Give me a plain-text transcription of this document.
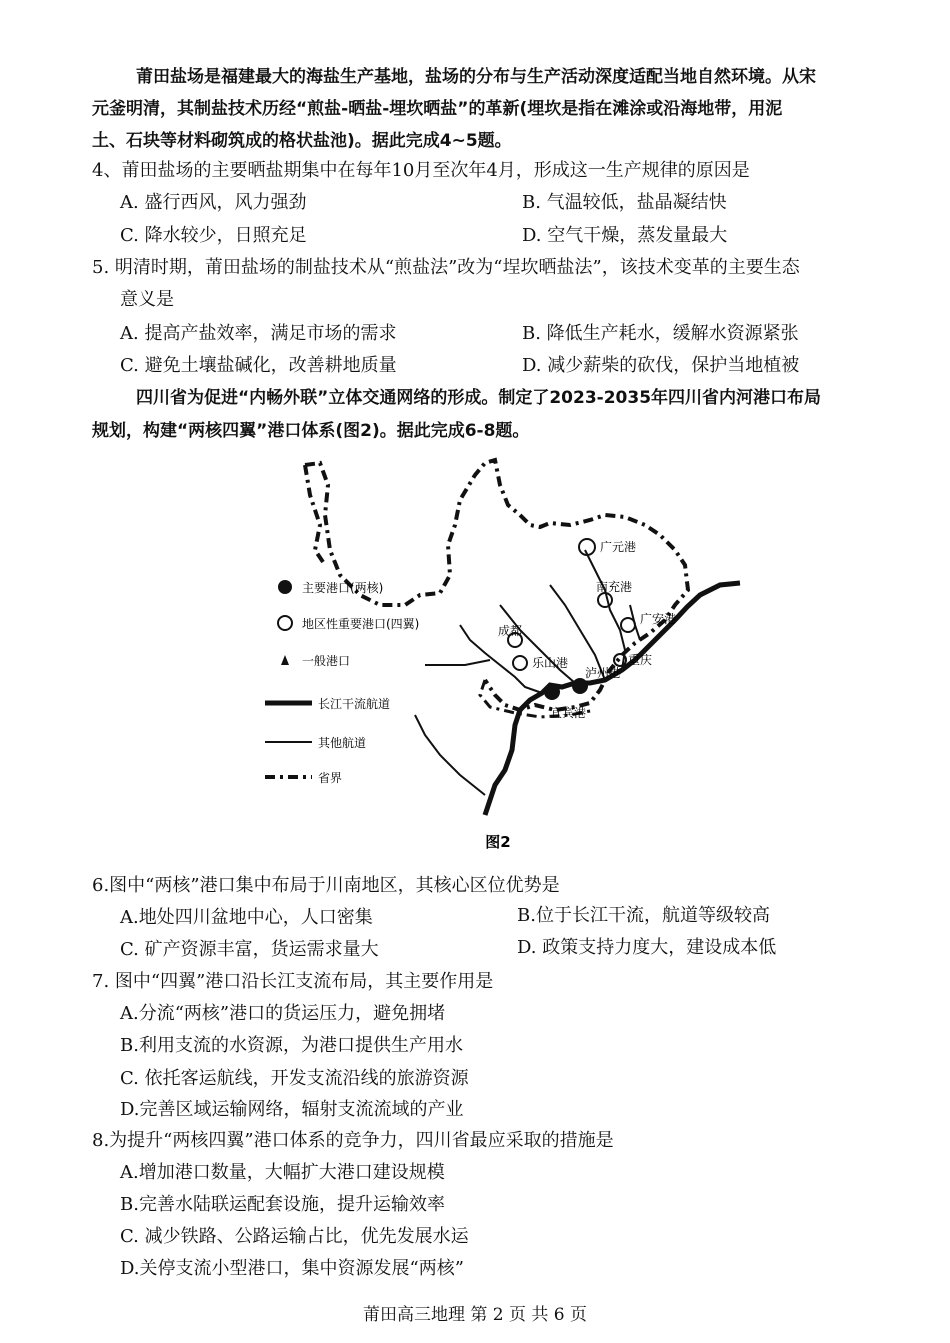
莆田盐场是福建最大的海盐生产基地，盐场的分布与生产活动深度适配当地自然环境。从宋
元釜明清，其制盐技术历经“煎盐-晒盐-埋坎晒盐”的革新(埋坎是指在滩涂或沿海地带，用泥
土、石块等材料砌筑成的格状盐池)。据此完成4~5题。
4、莆田盐场的主要晒盐期集中在每年10月至次年4月，形成这一生产规律的原因是
A. 盛行西风，风力强劲	B. 气温较低，盐晶凝结快
C. 降水较少，日照充足	D. 空气干燥，蒸发量最大
5. 明清时期，莆田盐场的制盐技术从“煎盐法”改为“埕坎晒盐法”，该技术变革的主要生态
意义是
A. 提高产盐效率，满足市场的需求	B. 降低生产耗水，缓解水资源紧张
C. 避免土壤盐碱化，改善耕地质量	D. 减少薪柴的砍伐，保护当地植被
四川省为促进“内畅外联”立体交通网络的形成。制定了2023-2035年四川省内河港口布局
规划，构建“两核四翼”港口体系(图2)。据此完成6-8题。
主要港口(两核)
地区性重要港口(四翼)
一般港口
长江干流航道
其他航道
省界
广元港
南充港
广安港
成都
乐山港
宜宾港
泸州港
重庆
图2
6.图中“两核”港口集中布局于川南地区，其核心区位优势是
A.地处四川盆地中心，人口密集	B.位于长江干流，航道等级较高
C. 矿产资源丰富，货运需求量大	D. 政策支持力度大，建设成本低
7. 图中“四翼”港口沿长江支流布局，其主要作用是
A.分流“两核”港口的货运压力，避免拥堵
B.利用支流的水资源，为港口提供生产用水
C. 依托客运航线，开发支流沿线的旅游资源
D.完善区域运输网络，辐射支流流域的产业
8.为提升“两核四翼”港口体系的竞争力，四川省最应采取的措施是
A.增加港口数量，大幅扩大港口建设规模
B.完善水陆联运配套设施，提升运输效率
C. 减少铁路、公路运输占比，优先发展水运
D.关停支流小型港口，集中资源发展“两核”
莆田高三地理 第 2 页 共 6 页
